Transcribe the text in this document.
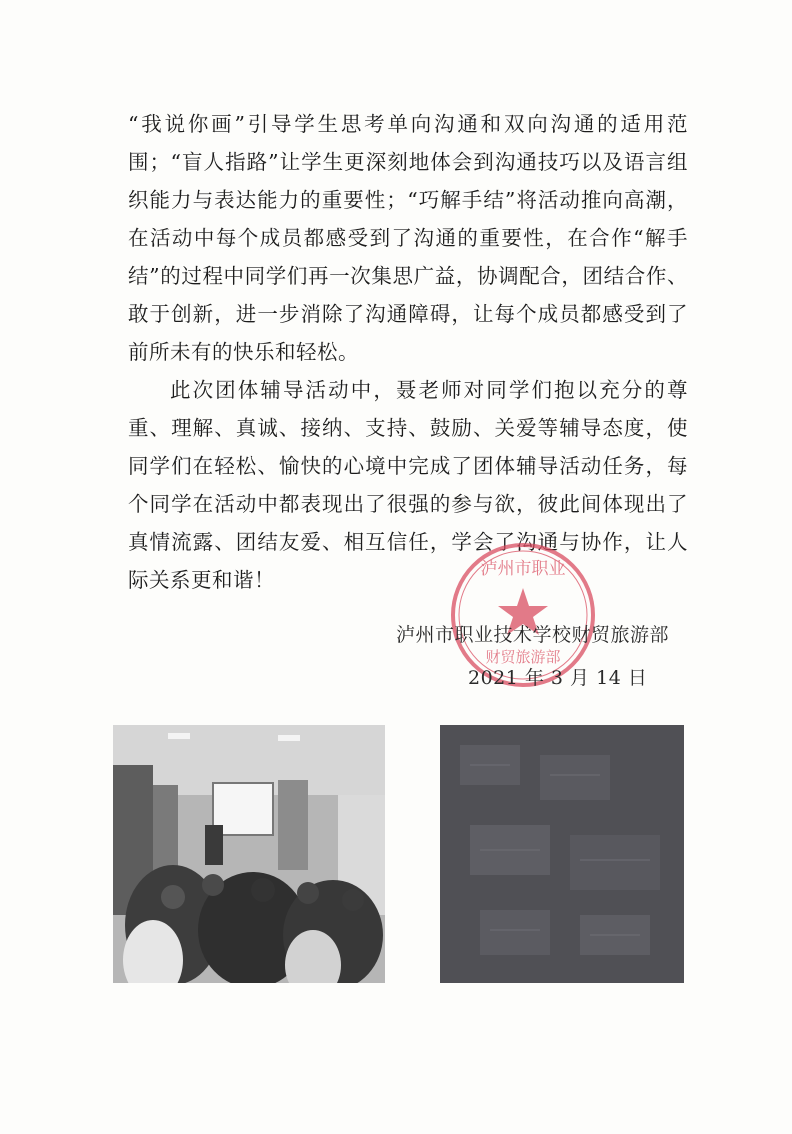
“我说你画”引导学生思考单向沟通和双向沟通的适用范围；“盲人指路”让学生更深刻地体会到沟通技巧以及语言组织能力与表达能力的重要性；“巧解手结”将活动推向高潮，在活动中每个成员都感受到了沟通的重要性，在合作“解手结”的过程中同学们再一次集思广益，协调配合，团结合作、敢于创新，进一步消除了沟通障碍，让每个成员都感受到了前所未有的快乐和轻松。

此次团体辅导活动中，聂老师对同学们抱以充分的尊重、理解、真诚、接纳、支持、鼓励、关爱等辅导态度，使同学们在轻松、愉快的心境中完成了团体辅导活动任务，每个同学在活动中都表现出了很强的参与欲，彼此间体现出了真情流露、团结友爱、相互信任，学会了沟通与协作，让人际关系更和谐！	泸州市职业
财贸旅游部
泸州市职业技术学校财贸旅游部
2021 年 3 月 14 日
